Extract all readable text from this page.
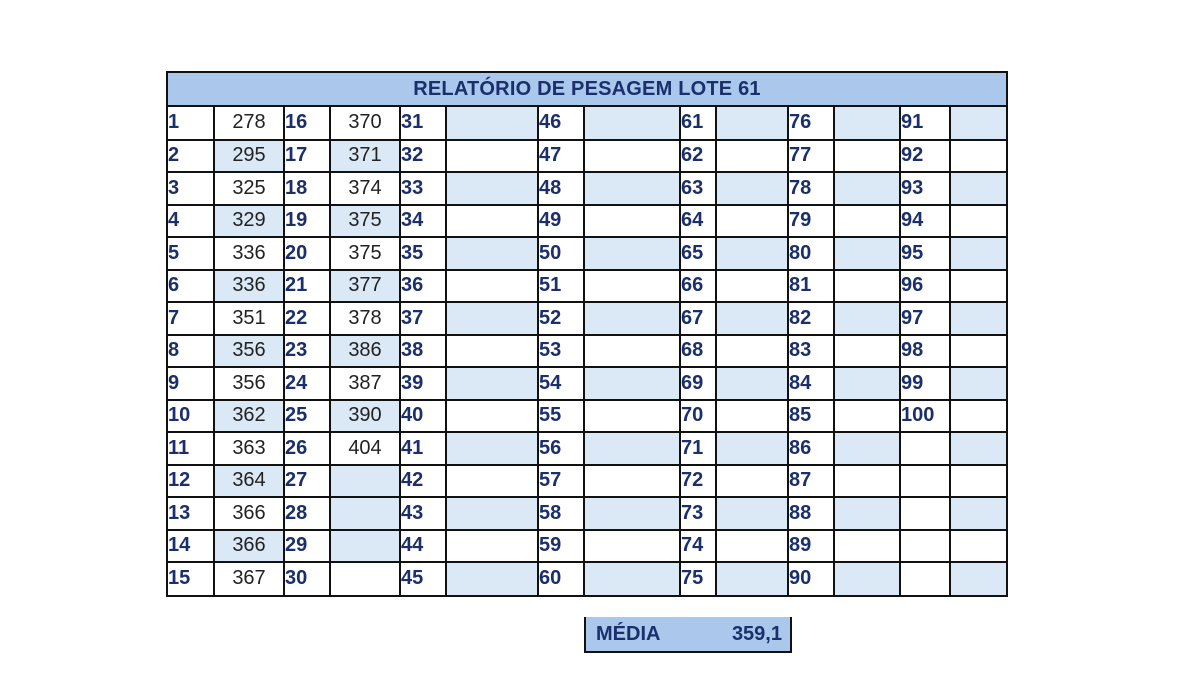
RELATÓRIO DE PESAGEM LOTE 61
1	278	16	370	31		46		61		76		91	
2	295	17	371	32		47		62		77		92	
3	325	18	374	33		48		63		78		93	
4	329	19	375	34		49		64		79		94	
5	336	20	375	35		50		65		80		95	
6	336	21	377	36		51		66		81		96	
7	351	22	378	37		52		67		82		97	
8	356	23	386	38		53		68		83		98	
9	356	24	387	39		54		69		84		99	
10	362	25	390	40		55		70		85		100	
11	363	26	404	41		56		71		86			
12	364	27		42		57		72		87			
13	366	28		43		58		73		88			
14	366	29		44		59		74		89			
15	367	30		45		60		75		90			
MÉDIA	359,1
